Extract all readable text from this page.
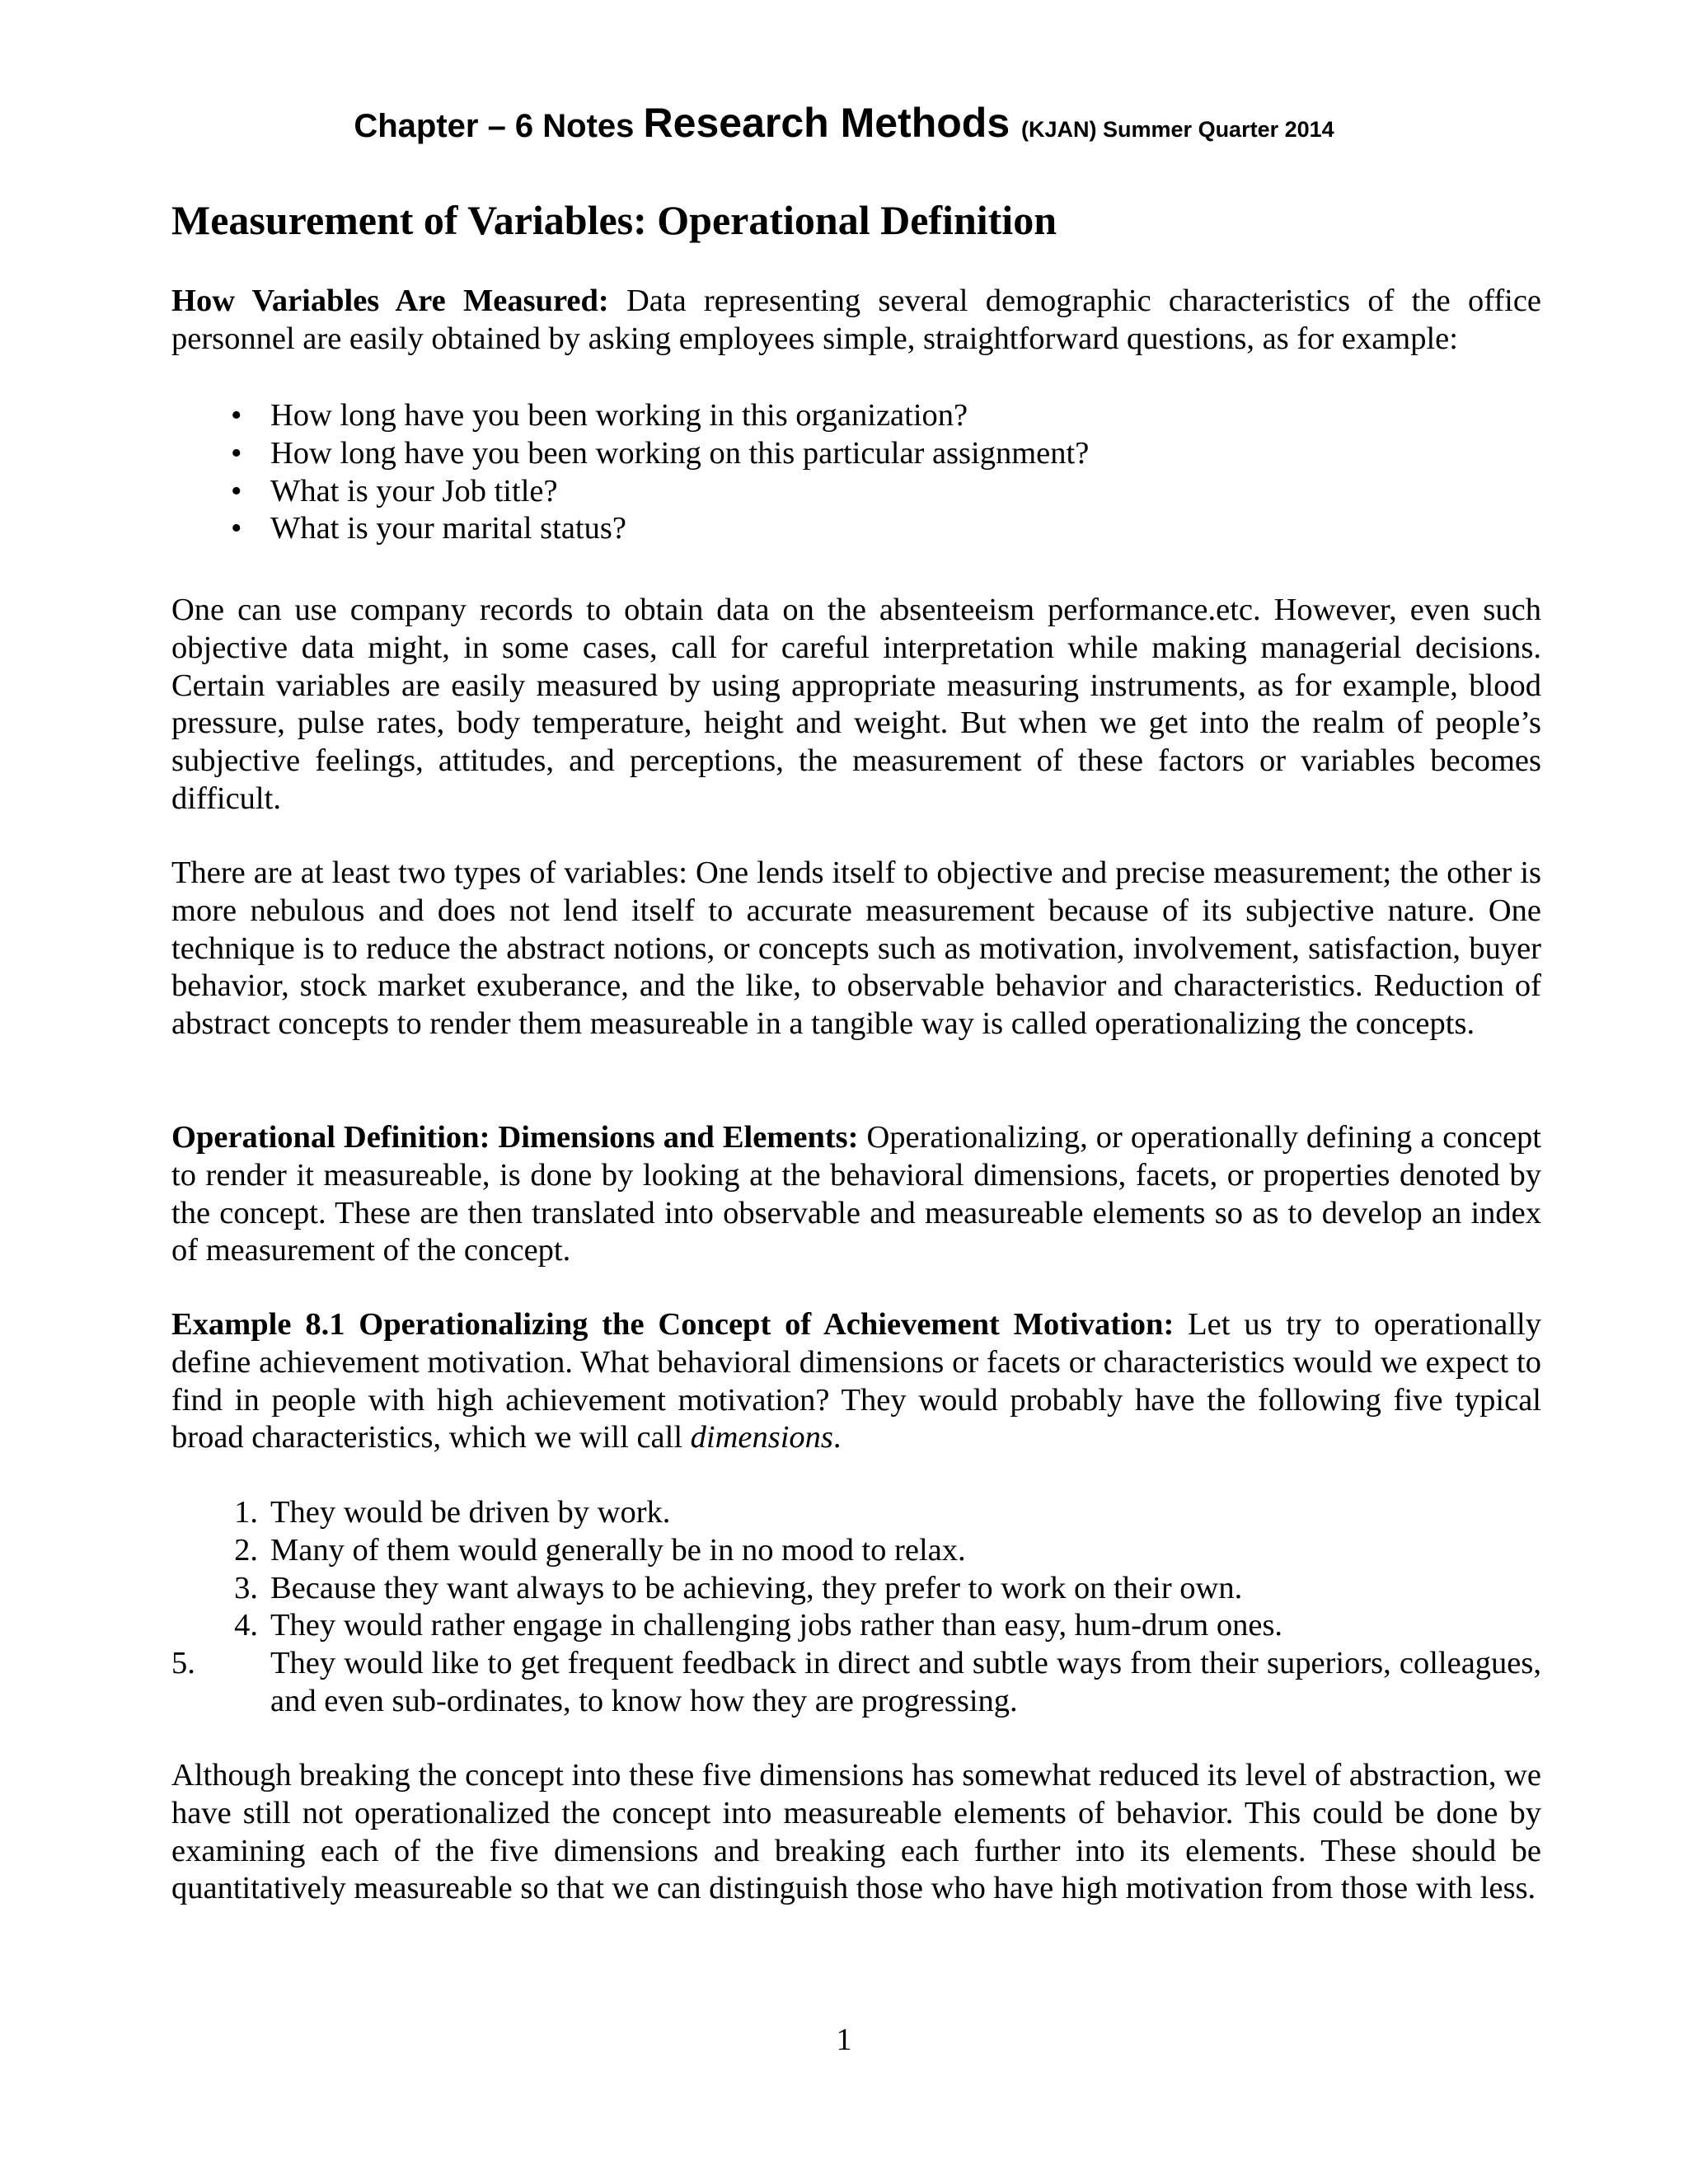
Chapter – 6 Notes Research Methods (KJAN) Summer Quarter 2014
Measurement of Variables: Operational Definition

How Variables Are Measured: Data representing several demographic characteristics of the office personnel are easily obtained by asking employees simple, straightforward questions, as for example:

• How long have you been working in this organization?
• How long have you been working on this particular assignment?
• What is your Job title?
• What is your marital status?

One can use company records to obtain data on the absenteeism performance.etc. However, even such objective data might, in some cases, call for careful interpretation while making managerial decisions. Certain variables are easily measured by using appropriate measuring instruments, as for example, blood pressure, pulse rates, body temperature, height and weight. But when we get into the realm of people’s subjective feelings, attitudes, and perceptions, the measurement of these factors or variables becomes difficult.

There are at least two types of variables: One lends itself to objective and precise measurement; the other is more nebulous and does not lend itself to accurate measurement because of its subjective nature. One technique is to reduce the abstract notions, or concepts such as motivation, involvement, satisfaction, buyer behavior, stock market exuberance, and the like, to observable behavior and characteristics. Reduction of abstract concepts to render them measureable in a tangible way is called operationalizing the concepts.

Operational Definition: Dimensions and Elements: Operationalizing, or operationally defining a concept to render it measureable, is done by looking at the behavioral dimensions, facets, or properties denoted by the concept. These are then translated into observable and measureable elements so as to develop an index of measurement of the concept.

Example 8.1 Operationalizing the Concept of Achievement Motivation: Let us try to operationally define achievement motivation. What behavioral dimensions or facets or characteristics would we expect to find in people with high achievement motivation? They would probably have the following five typical broad characteristics, which we will call dimensions.

1. They would be driven by work.
2. Many of them would generally be in no mood to relax.
3. Because they want always to be achieving, they prefer to work on their own.
4. They would rather engage in challenging jobs rather than easy, hum-drum ones.
5.	They would like to get frequent feedback in direct and subtle ways from their superiors, colleagues, and even sub-ordinates, to know how they are progressing.

Although breaking the concept into these five dimensions has somewhat reduced its level of abstraction, we have still not operationalized the concept into measureable elements of behavior. This could be done by examining each of the five dimensions and breaking each further into its elements. These should be quantitatively measureable so that we can distinguish those who have high motivation from those with less.

1
